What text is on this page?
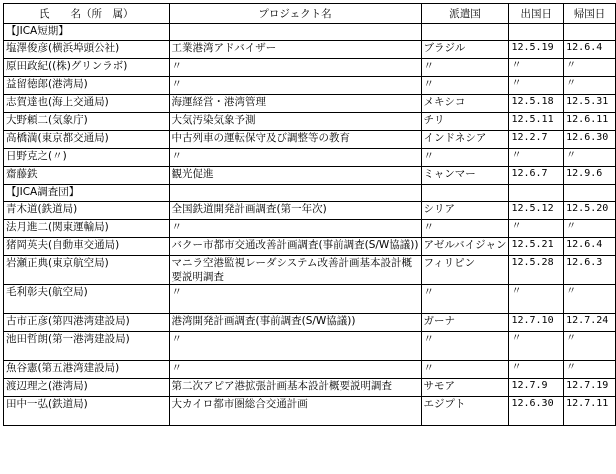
氏　　名（所　属）	プロジェクト名	派遣国	出国日	帰国日
【JICA短期】				
塩澤俊彦(横浜埠頭公社)	工業港湾アドバイザー	ブラジル	12.5.19	12.6.4
原田政紀((株)グリンラボ)	〃	〃	〃	〃
益留徳郎(港湾局)	〃	〃	〃	〃
志賀達也(海上交通局)	海運経営・港湾管理	メキシコ	12.5.18	12.5.31
大野頼二(気象庁)	大気汚染気象予測	チリ	12.5.11	12.6.11
高橋満(東京都交通局)	中古列車の運転保守及び調整等の教育	インドネシア	12.2.7	12.6.30
日野克之(〃)	〃	〃	〃	〃
齋藤鉄	観光促進	ミャンマー	12.6.7	12.9.6
【JICA調査団】				
青木道(鉄道局)	全国鉄道開発計画調査(第一年次)	シリア	12.5.12	12.5.20
法月進二(関東運輸局)	〃	〃	〃	〃
猪岡英夫(自動車交通局)	バクー市都市交通改善計画調査(事前調査(S/W協議))	アゼルバイジャン	12.5.21	12.6.4
岩瀬正典(東京航空局)	マニラ空港監視レーダシステム改善計画基本設計概要説明調査	フィリピン	12.5.28	12.6.3
毛利彰夫(航空局)	〃	〃	〃	〃
古市正彦(第四港湾建設局)	港湾開発計画調査(事前調査(S/W協議))	ガーナ	12.7.10	12.7.24
池田哲朗(第一港湾建設局)	〃	〃	〃	〃
魚谷憲(第五港湾建設局)	〃	〃	〃	〃
渡辺理之(港湾局)	第二次アピア港拡張計画基本設計概要説明調査	サモア	12.7.9	12.7.19
田中一弘(鉄道局)	大カイロ都市圏総合交通計画	エジプト	12.6.30	12.7.11
